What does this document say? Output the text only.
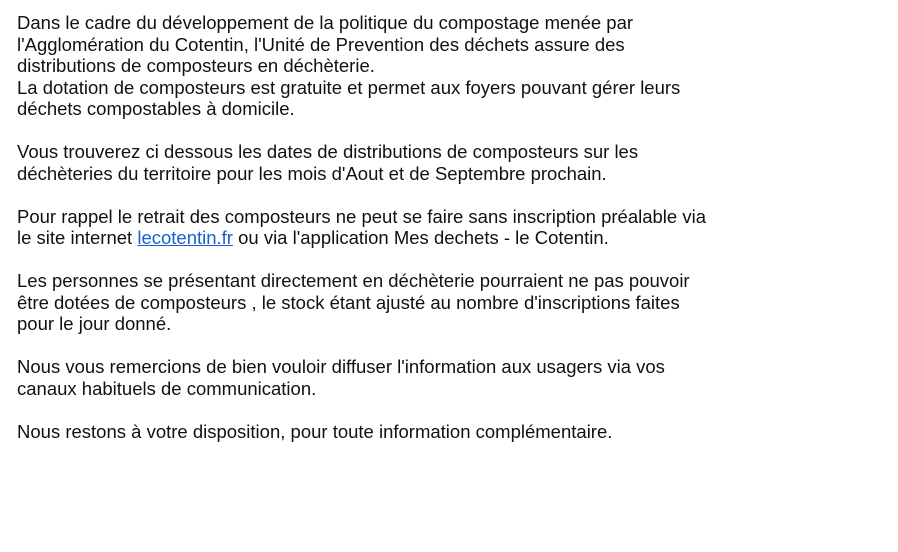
Dans le cadre du développement de la politique du compostage menée par
l'Agglomération du Cotentin, l'Unité de Prevention des déchets assure des
distributions de composteurs en déchèterie.
La dotation de composteurs est gratuite et permet aux foyers pouvant gérer leurs
déchets compostables à domicile.

Vous trouverez ci dessous les dates de distributions de composteurs sur les
déchèteries du territoire pour les mois d'Aout et de Septembre prochain.

Pour rappel le retrait des composteurs ne peut se faire sans inscription préalable via
le site internet lecotentin.fr ou via l'application Mes dechets - le Cotentin.

Les personnes se présentant directement en déchèterie pourraient ne pas pouvoir
être dotées de composteurs , le stock étant ajusté au nombre d'inscriptions faites
pour le jour donné.

Nous vous remercions de bien vouloir diffuser l'information aux usagers via vos
canaux habituels de communication.

Nous restons à votre disposition, pour toute information complémentaire.
